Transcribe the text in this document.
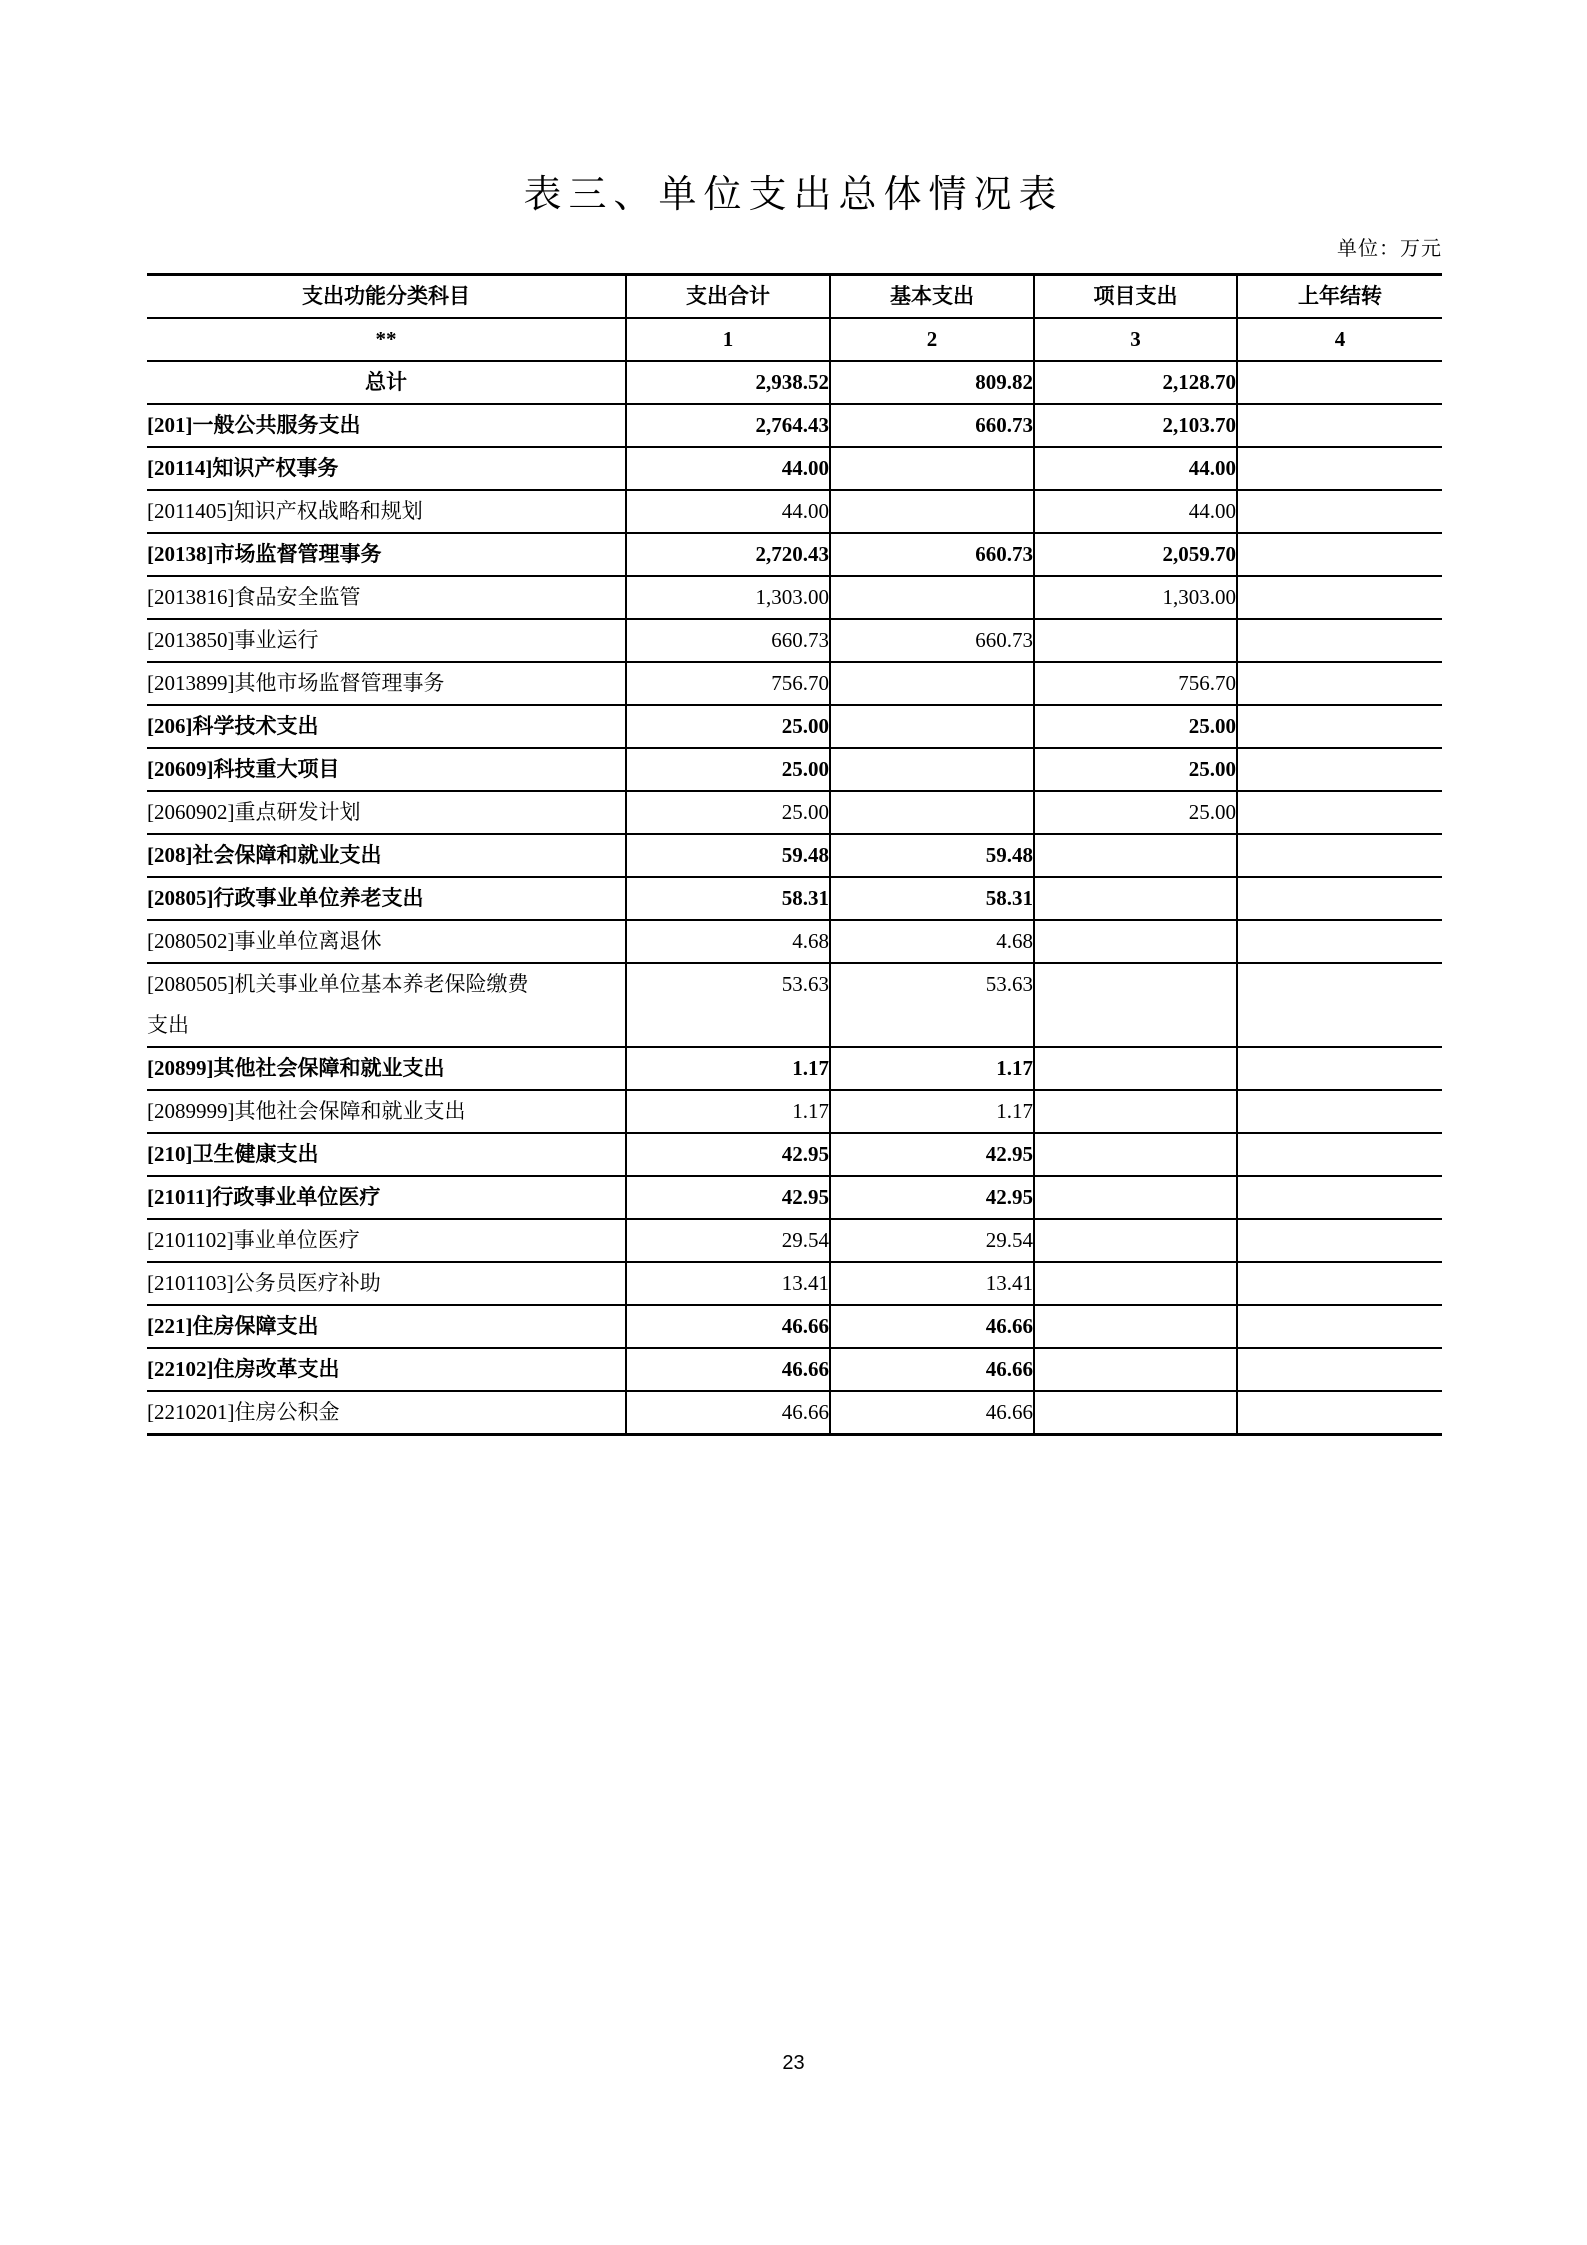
表三、单位支出总体情况表
单位：万元
支出功能分类科目	支出合计	基本支出	项目支出	上年结转
**	1	2	3	4
总计	2,938.52	809.82	2,128.70	
[201]一般公共服务支出	2,764.43	660.73	2,103.70	
[20114]知识产权事务	44.00		44.00	
[2011405]知识产权战略和规划	44.00		44.00	
[20138]市场监督管理事务	2,720.43	660.73	2,059.70	
[2013816]食品安全监管	1,303.00		1,303.00	
[2013850]事业运行	660.73	660.73		
[2013899]其他市场监督管理事务	756.70		756.70	
[206]科学技术支出	25.00		25.00	
[20609]科技重大项目	25.00		25.00	
[2060902]重点研发计划	25.00		25.00	
[208]社会保障和就业支出	59.48	59.48		
[20805]行政事业单位养老支出	58.31	58.31		
[2080502]事业单位离退休	4.68	4.68		
[2080505]机关事业单位基本养老保险缴费支出	53.63	53.63		
[20899]其他社会保障和就业支出	1.17	1.17		
[2089999]其他社会保障和就业支出	1.17	1.17		
[210]卫生健康支出	42.95	42.95		
[21011]行政事业单位医疗	42.95	42.95		
[2101102]事业单位医疗	29.54	29.54		
[2101103]公务员医疗补助	13.41	13.41		
[221]住房保障支出	46.66	46.66		
[22102]住房改革支出	46.66	46.66		
[2210201]住房公积金	46.66	46.66		
23
